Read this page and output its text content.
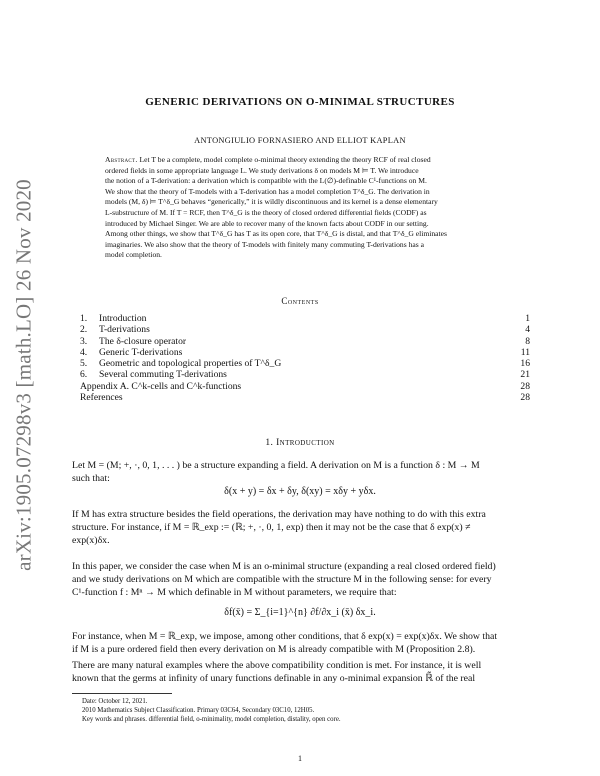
arXiv:1905.07298v3 [math.LO] 26 Nov 2020
GENERIC DERIVATIONS ON O-MINIMAL STRUCTURES
ANTONGIULIO FORNASIERO AND ELLIOT KAPLAN
Abstract. Let T be a complete, model complete o-minimal theory extending the theory RCF of real closed
ordered fields in some appropriate language L. We study derivations δ on models M ⊨ T. We introduce
the notion of a T-derivation: a derivation which is compatible with the L(∅)-definable C¹-functions on M.
We show that the theory of T-models with a T-derivation has a model completion T^δ_G. The derivation in
models (M, δ) ⊨ T^δ_G behaves “generically,” it is wildly discontinuous and its kernel is a dense elementary
L-substructure of M. If T = RCF, then T^δ_G is the theory of closed ordered differential fields (CODF) as
introduced by Michael Singer. We are able to recover many of the known facts about CODF in our setting.
Among other things, we show that T^δ_G has T as its open core, that T^δ_G is distal, and that T^δ_G eliminates
imaginaries. We also show that the theory of T-models with finitely many commuting T-derivations has a
model completion.
Contents
1. Introduction	1
2. T-derivations	4
3. The δ-closure operator	8
4. Generic T-derivations	11
5. Geometric and topological properties of T^δ_G	16
6. Several commuting T-derivations	21
Appendix A. C^k-cells and C^k-functions	28
References	28
1. Introduction
Let M = (M; +, ·, 0, 1, . . . ) be a structure expanding a field. A derivation on M is a function δ : M → M
such that:
δ(x + y) = δx + δy, δ(xy) = xδy + yδx.
If M has extra structure besides the field operations, the derivation may have nothing to do with this extra
structure. For instance, if M = ℝ_exp := (ℝ; +, ·, 0, 1, exp) then it may not be the case that δ exp(x) ≠
exp(x)δx.
In this paper, we consider the case when M is an o-minimal structure (expanding a real closed ordered field)
and we study derivations on M which are compatible with the structure M in the following sense: for every
C¹-function f : Mⁿ → M which definable in M without parameters, we require that:
δf(x̄) = Σ_{i=1}^{n} ∂f/∂x_i (x̄) δx_i.
For instance, when M = ℝ_exp, we impose, among other conditions, that δ exp(x) = exp(x)δx. We show that
if M is a pure ordered field then every derivation on M is already compatible with M (Proposition 2.8).
There are many natural examples where the above compatibility condition is met. For instance, it is well
known that the germs at infinity of unary functions definable in any o-minimal expansion ℝ̃ of the real
Date: October 12, 2021.
2010 Mathematics Subject Classification. Primary 03C64, Secondary 03C10, 12H05.
Key words and phrases. differential field, o-minimality, model completion, distality, open core.
1
